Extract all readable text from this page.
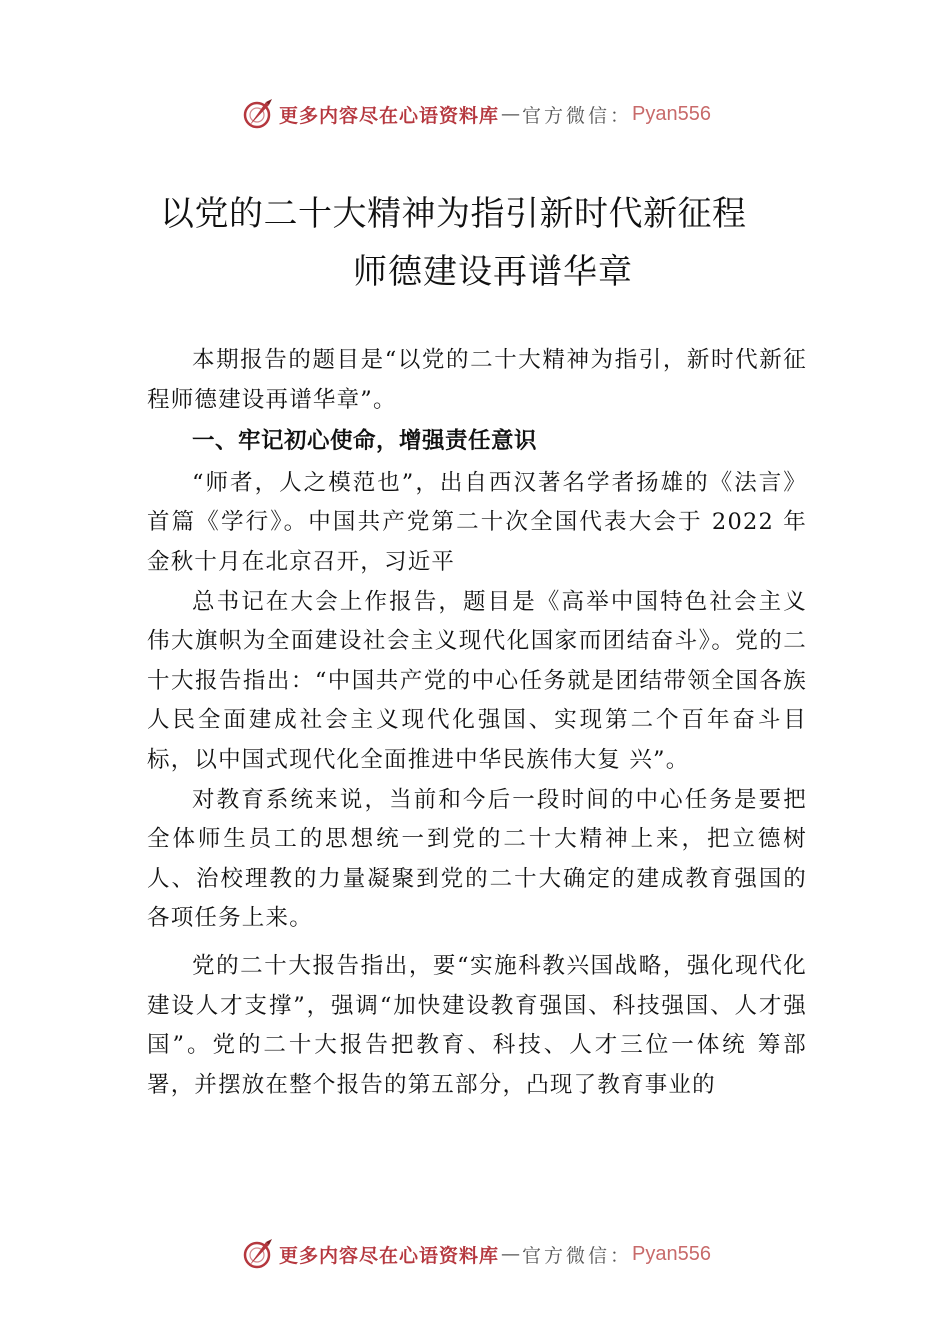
更多内容尽在心语资料库 — 官方微信： Pyan556
以党的二十大精神为指引新时代新征程
师德建设再谱华章

本期报告的题目是“以党的二十大精神为指引，新时代新征程师德建设再谱华章”。

一、牢记初心使命，增强责任意识

“师者，人之模范也”，出自西汉著名学者扬雄的《法言》首篇《学行》。中国共产党第二十次全国代表大会于 2022 年金秋十月在北京召开，习近平

总书记在大会上作报告，题目是《高举中国特色社会主义伟大旗帜为全面建设社会主义现代化国家而团结奋斗》。党的二十大报告指出：“中国共产党的中心任务就是团结带领全国各族人民全面建成社会主义现代化强国、实现第二个百年奋斗目标，以中国式现代化全面推进中华民族伟大复 兴”。

对教育系统来说，当前和今后一段时间的中心任务是要把全体师生员工的思想统一到党的二十大精神上来，把立德树人、治校理教的力量凝聚到党的二十大确定的建成教育强国的各项任务上来。

党的二十大报告指出，要“实施科教兴国战略，强化现代化建设人才支撑”，强调“加快建设教育强国、科技强国、人才强国”。党的二十大报告把教育、科技、人才三位一体统 筹部署，并摆放在整个报告的第五部分，凸现了教育事业的

更多内容尽在心语资料库 — 官方微信： Pyan556
